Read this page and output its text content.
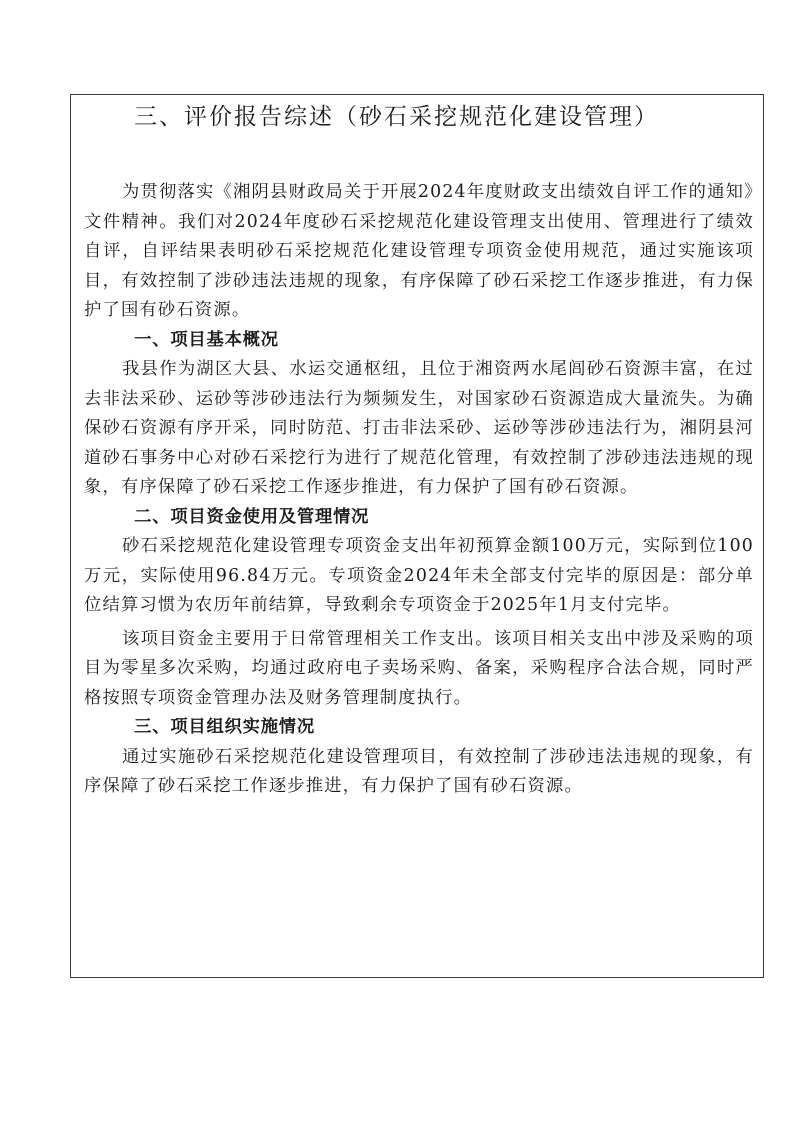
三、评价报告综述（砂石采挖规范化建设管理）

为贯彻落实《湘阴县财政局关于开展2024年度财政支出绩效自评工作的通知》文件精神。我们对2024年度砂石采挖规范化建设管理支出使用、管理进行了绩效自评，自评结果表明砂石采挖规范化建设管理专项资金使用规范，通过实施该项目，有效控制了涉砂违法违规的现象，有序保障了砂石采挖工作逐步推进，有力保护了国有砂石资源。

一、项目基本概况

我县作为湖区大县、水运交通枢纽，且位于湘资两水尾闾砂石资源丰富，在过去非法采砂、运砂等涉砂违法行为频频发生，对国家砂石资源造成大量流失。为确保砂石资源有序开采，同时防范、打击非法采砂、运砂等涉砂违法行为，湘阴县河道砂石事务中心对砂石采挖行为进行了规范化管理，有效控制了涉砂违法违规的现象，有序保障了砂石采挖工作逐步推进，有力保护了国有砂石资源。

二、项目资金使用及管理情况

砂石采挖规范化建设管理专项资金支出年初预算金额100万元，实际到位100万元，实际使用96.84万元。专项资金2024年未全部支付完毕的原因是：部分单位结算习惯为农历年前结算，导致剩余专项资金于2025年1月支付完毕。

该项目资金主要用于日常管理相关工作支出。该项目相关支出中涉及采购的项目为零星多次采购，均通过政府电子卖场采购、备案，采购程序合法合规，同时严格按照专项资金管理办法及财务管理制度执行。

三、项目组织实施情况

通过实施砂石采挖规范化建设管理项目，有效控制了涉砂违法违规的现象，有序保障了砂石采挖工作逐步推进，有力保护了国有砂石资源。
